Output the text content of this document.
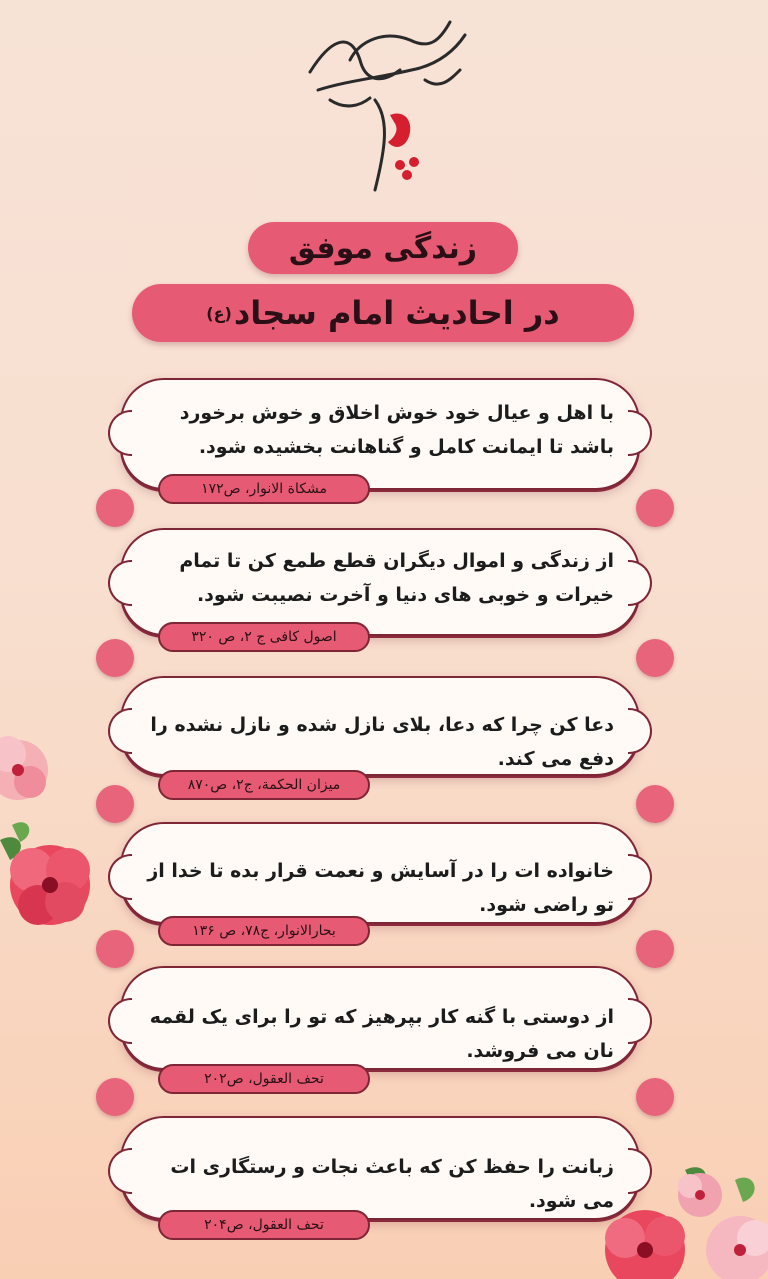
زندگی موفق
در احادیث امام سجاد
(ع)
با اهل و عیال خود خوش اخلاق و خوش برخورد باشد تا ایمانت کامل و گناهانت بخشیده شود.
مشکاة الانوار، ص۱۷۲
از زندگی و اموال دیگران قطع طمع کن تا تمام خیرات و خوبی های دنیا و آخرت نصیبت شود.
اصول کافی ج ۲، ص ۳۲۰
دعا کن چرا که دعا، بلای نازل شده و نازل نشده را دفع می کند.
میزان الحکمة، ج۲، ص۸۷۰
خانواده ات را در آسایش و نعمت قرار بده تا خدا از تو راضی شود.
بحارالانوار، ج۷۸، ص ۱۳۶
از دوستی با گنه کار بپرهیز که تو را برای یک لقمه نان می فروشد.
تحف العقول، ص۲۰۲
زبانت را حفظ کن که باعث نجات و رستگاری ات می شود.
تحف العقول، ص۲۰۴
